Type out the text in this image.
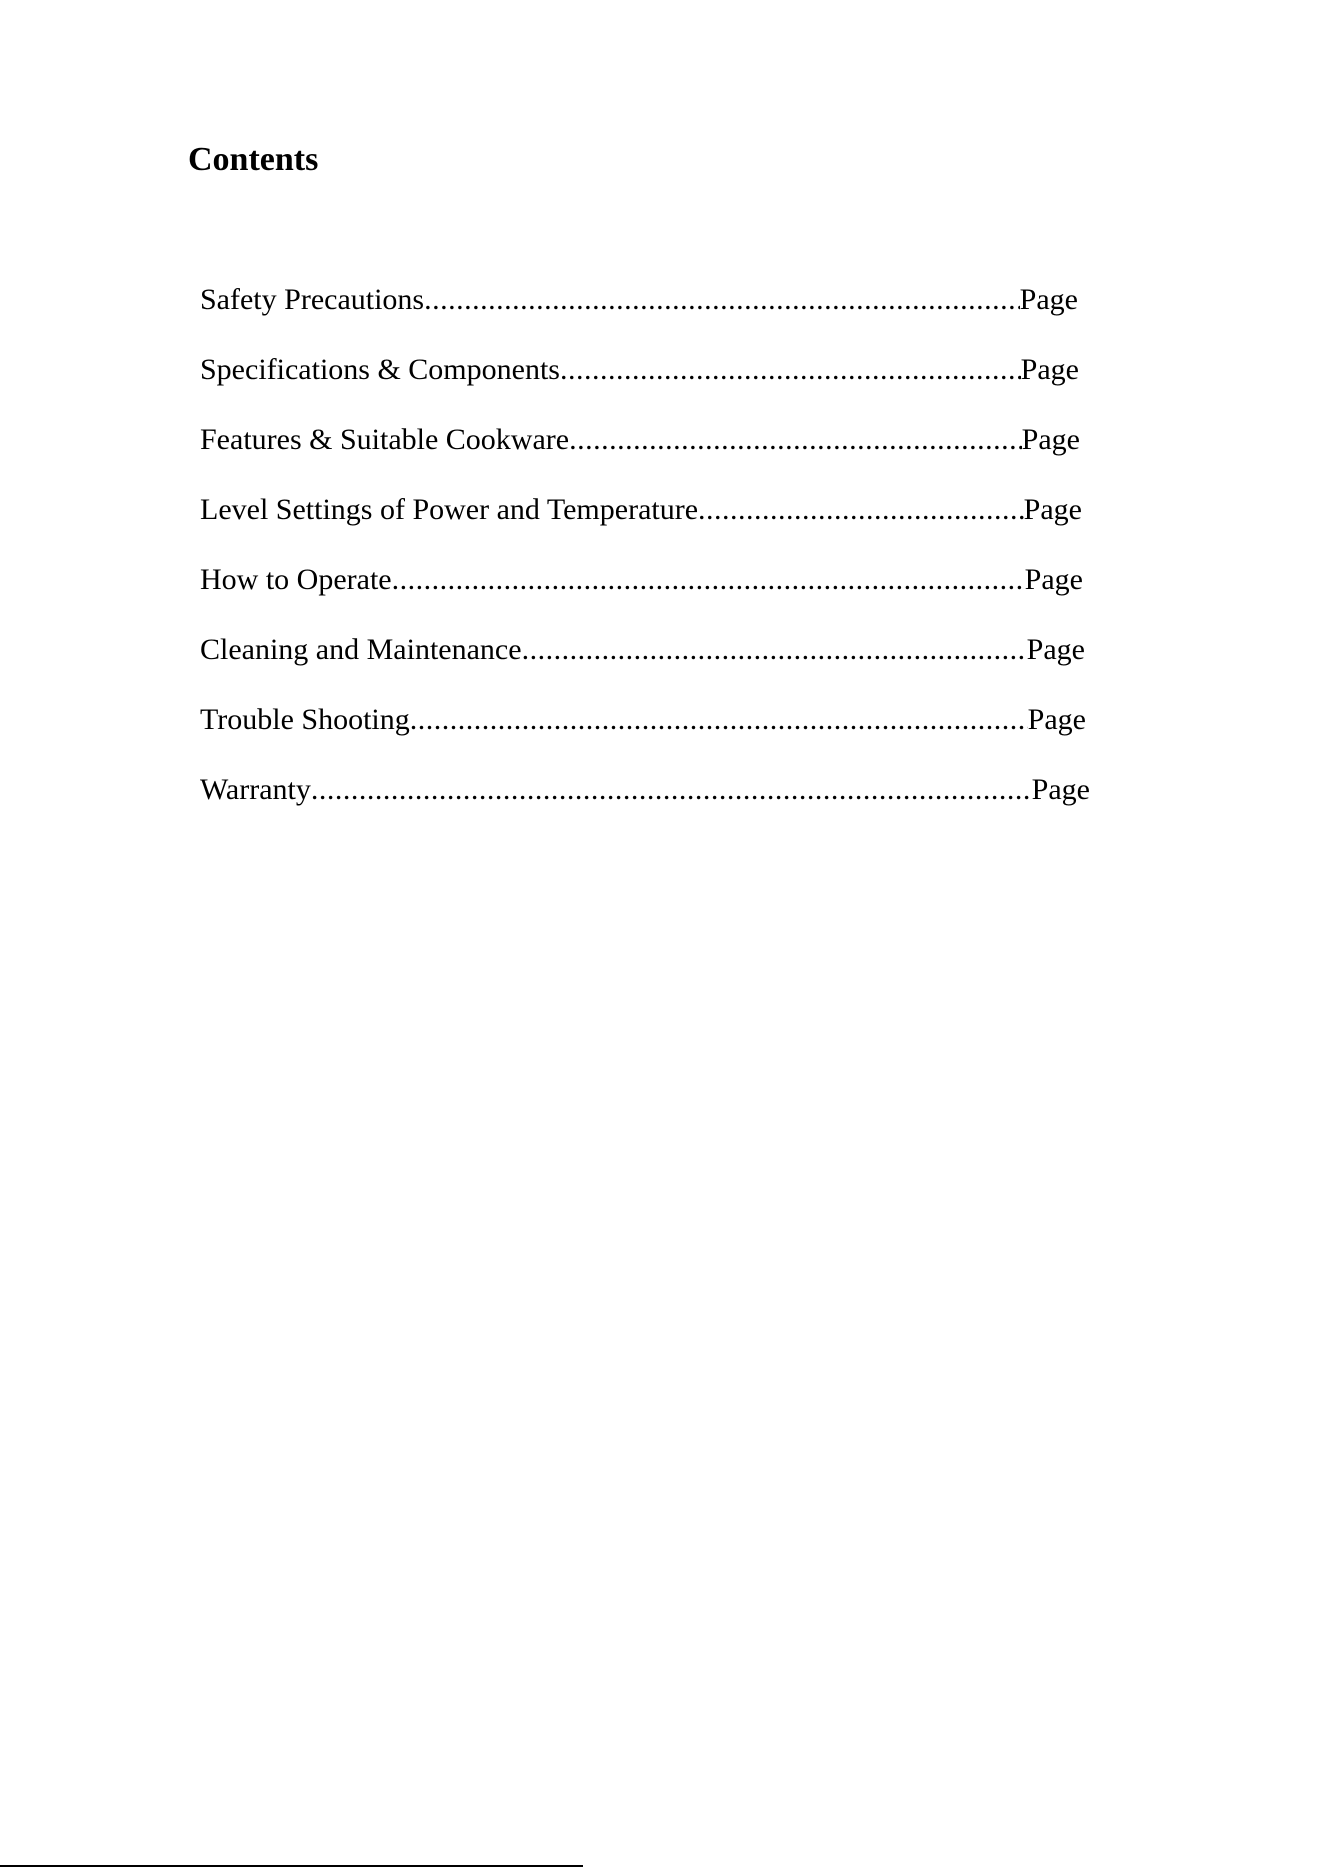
Contents
Safety Precautions .....	Page
Specifications & Components .....	Page
Features & Suitable Cookware .....	Page
Level Settings of Power and Temperature .....	Page
How to Operate .....	Page
Cleaning and Maintenance .....	Page
Trouble Shooting .....	Page
Warranty .....	Page
